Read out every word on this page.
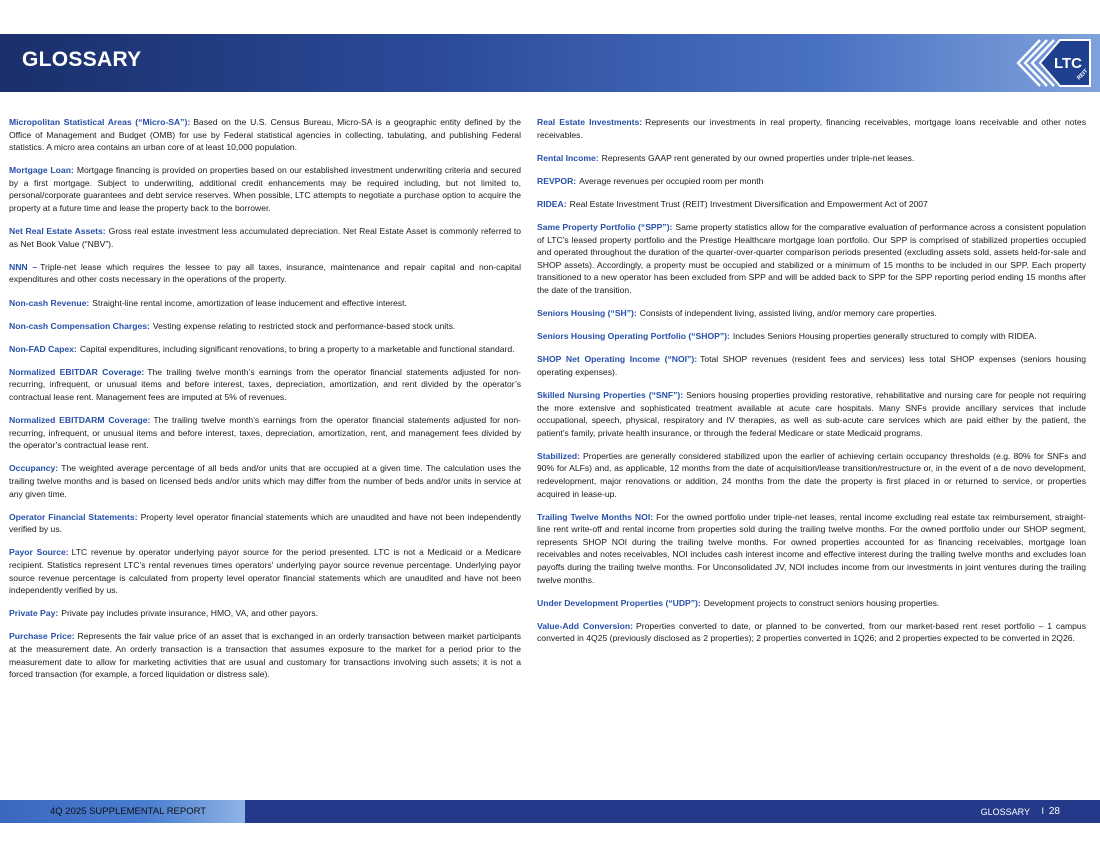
GLOSSARY	LTC
REIT

Micropolitan Statistical Areas (“Micro-SA”): Based on the U.S. Census Bureau, Micro-SA is a geographic entity defined by the Office of Management and Budget (OMB) for use by Federal statistical agencies in collecting, tabulating, and publishing Federal statistics. A micro area contains an urban core of at least 10,000 population.

Mortgage Loan: Mortgage financing is provided on properties based on our established investment underwriting criteria and secured by a first mortgage. Subject to underwriting, additional credit enhancements may be required including, but not limited to, personal/corporate guarantees and debt service reserves. When possible, LTC attempts to negotiate a purchase option to acquire the property at a future time and lease the property back to the borrower.

Net Real Estate Assets: Gross real estate investment less accumulated depreciation. Net Real Estate Asset is commonly referred to as Net Book Value (“NBV”).

NNN – Triple-net lease which requires the lessee to pay all taxes, insurance, maintenance and repair capital and non-capital expenditures and other costs necessary in the operations of the property.

Non-cash Revenue: Straight-line rental income, amortization of lease inducement and effective interest.

Non-cash Compensation Charges: Vesting expense relating to restricted stock and performance-based stock units.

Non-FAD Capex: Capital expenditures, including significant renovations, to bring a property to a marketable and functional standard.

Normalized EBITDAR Coverage: The trailing twelve month’s earnings from the operator financial statements adjusted for non-recurring, infrequent, or unusual items and before interest, taxes, depreciation, amortization, and rent divided by the operator’s contractual lease rent. Management fees are imputed at 5% of revenues.

Normalized EBITDARM Coverage: The trailing twelve month’s earnings from the operator financial statements adjusted for non-recurring, infrequent, or unusual items and before interest, taxes, depreciation, amortization, rent, and management fees divided by the operator’s contractual lease rent.

Occupancy: The weighted average percentage of all beds and/or units that are occupied at a given time. The calculation uses the trailing twelve months and is based on licensed beds and/or units which may differ from the number of beds and/or units in service at any given time.

Operator Financial Statements: Property level operator financial statements which are unaudited and have not been independently verified by us.

Payor Source: LTC revenue by operator underlying payor source for the period presented. LTC is not a Medicaid or a Medicare recipient. Statistics represent LTC’s rental revenues times operators’ underlying payor source revenue percentage. Underlying payor source revenue percentage is calculated from property level operator financial statements which are unaudited and have not been independently verified by us.

Private Pay: Private pay includes private insurance, HMO, VA, and other payors.

Purchase Price: Represents the fair value price of an asset that is exchanged in an orderly transaction between market participants at the measurement date. An orderly transaction is a transaction that assumes exposure to the market for a period prior to the measurement date to allow for marketing activities that are usual and customary for transactions involving such assets; it is not a forced transaction (for example, a forced liquidation or distress sale).

Real Estate Investments: Represents our investments in real property, financing receivables, mortgage loans receivable and other notes receivables.

Rental Income: Represents GAAP rent generated by our owned properties under triple-net leases.

REVPOR: Average revenues per occupied room per month

RIDEA: Real Estate Investment Trust (REIT) Investment Diversification and Empowerment Act of 2007

Same Property Portfolio (“SPP”): Same property statistics allow for the comparative evaluation of performance across a consistent population of LTC’s leased property portfolio and the Prestige Healthcare mortgage loan portfolio. Our SPP is comprised of stabilized properties occupied and operated throughout the duration of the quarter-over-quarter comparison periods presented (excluding assets sold, assets held-for-sale and SHOP assets). Accordingly, a property must be occupied and stabilized or a minimum of 15 months to be included in our SPP. Each property transitioned to a new operator has been excluded from SPP and will be added back to SPP for the SPP reporting period ending 15 months after the date of the transition.

Seniors Housing (“SH”): Consists of independent living, assisted living, and/or memory care properties.

Seniors Housing Operating Portfolio (“SHOP”): Includes Seniors Housing properties generally structured to comply with RIDEA.

SHOP Net Operating Income (“NOI”): Total SHOP revenues (resident fees and services) less total SHOP expenses (seniors housing operating expenses).

Skilled Nursing Properties (“SNF”): Seniors housing properties providing restorative, rehabilitative and nursing care for people not requiring the more extensive and sophisticated treatment available at acute care hospitals. Many SNFs provide ancillary services that include occupational, speech, physical, respiratory and IV therapies, as well as sub-acute care services which are paid either by the patient, the patient’s family, private health insurance, or through the federal Medicare or state Medicaid programs.

Stabilized: Properties are generally considered stabilized upon the earlier of achieving certain occupancy thresholds (e.g. 80% for SNFs and 90% for ALFs) and, as applicable, 12 months from the date of acquisition/lease transition/restructure or, in the event of a de novo development, redevelopment, major renovations or addition, 24 months from the date the property is first placed in or returned to service, or properties acquired in lease-up.

Trailing Twelve Months NOI: For the owned portfolio under triple-net leases, rental income excluding real estate tax reimbursement, straight-line rent write-off and rental income from properties sold during the trailing twelve months. For the owned portfolio under our SHOP segment, represents SHOP NOI during the trailing twelve months. For owned properties accounted for as financing receivables, mortgage loan receivables and notes receivables, NOI includes cash interest income and effective interest during the trailing twelve months and excludes loan payoffs during the trailing twelve months. For Unconsolidated JV, NOI includes income from our investments in joint ventures during the trailing twelve months.

Under Development Properties (“UDP”): Development projects to construct seniors housing properties.

Value-Add Conversion: Properties converted to date, or planned to be converted, from our market-based rent reset portfolio – 1 campus converted in 4Q25 (previously disclosed as 2 properties); 2 properties converted in 1Q26; and 2 properties expected to be converted in 2Q26.

4Q 2025 SUPPLEMENTAL REPORT	GLOSSARY I 28
